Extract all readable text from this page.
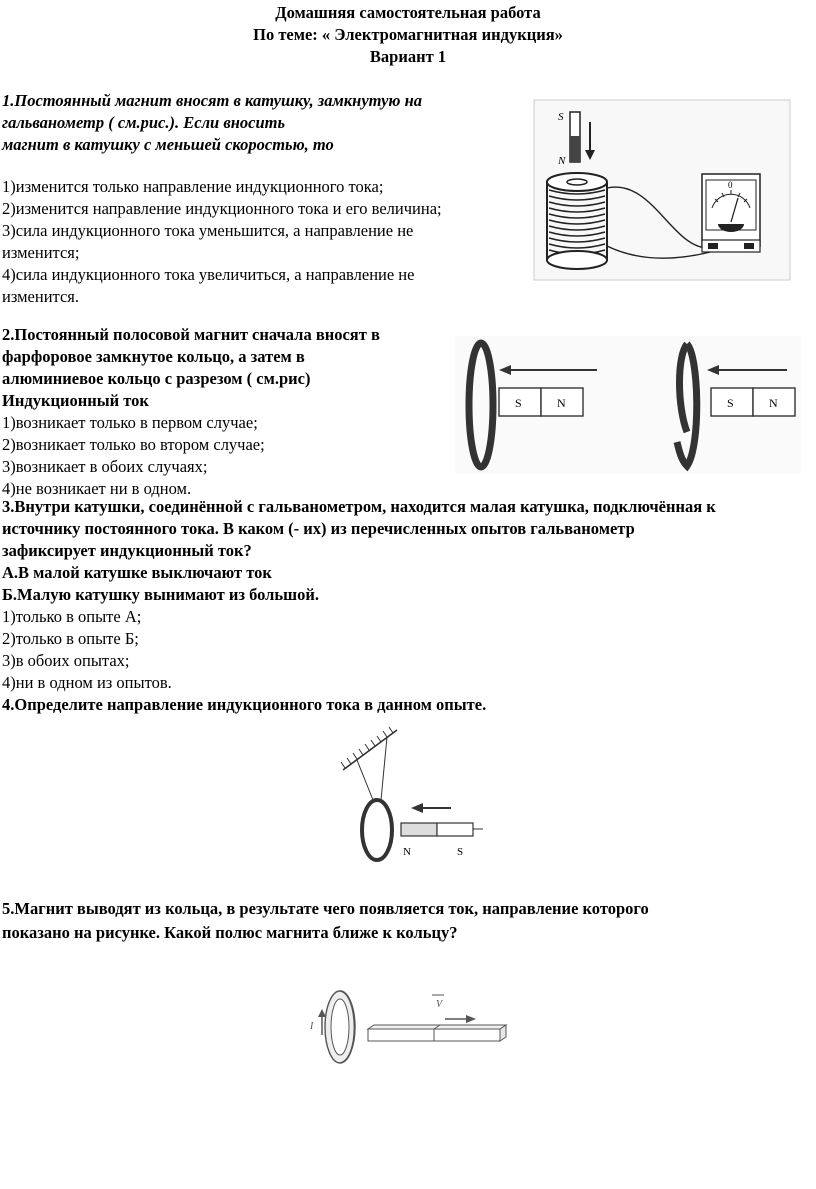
Домашняя самостоятельная работа
По теме: « Электромагнитная индукция»
Вариант 1
1.Постоянный магнит вносят в катушку, замкнутую на
гальванометр ( см.рис.). Если вносить
магнит в катушку с меньшей скоростью, то
1)изменится только направление индукционного тока;
2)изменится направление индукционного тока и его величина;
3)сила индукционного тока уменьшится, а направление не
изменится;
4)сила индукционного тока увеличиться, а направление не
изменится.
S
N
0
2.Постоянный полосовой магнит сначала вносят в
фарфоровое замкнутое кольцо, а затем в
алюминиевое кольцо с разрезом ( см.рис)
Индукционный ток
1)возникает только в первом случае;
2)возникает только во втором случае;
3)возникает в обоих случаях;
4)не возникает ни в одном.
S	N	S	N
3.Внутри катушки, соединённой с гальванометром, находится малая катушка, подключённая к
источнику постоянного тока. В каком (- их) из перечисленных опытов гальванометр
зафиксирует индукционный ток?
А.В малой катушке выключают ток
Б.Малую катушку вынимают из большой.
1)только в опыте А;
2)только в опыте Б;
3)в обоих опытах;
4)ни в одном из опытов.
4.Определите направление индукционного тока в данном опыте.
N	S
5.Магнит выводят из кольца, в результате чего появляется ток, направление которого
показано на рисунке. Какой полюс магнита ближе к кольцу?
I
V
